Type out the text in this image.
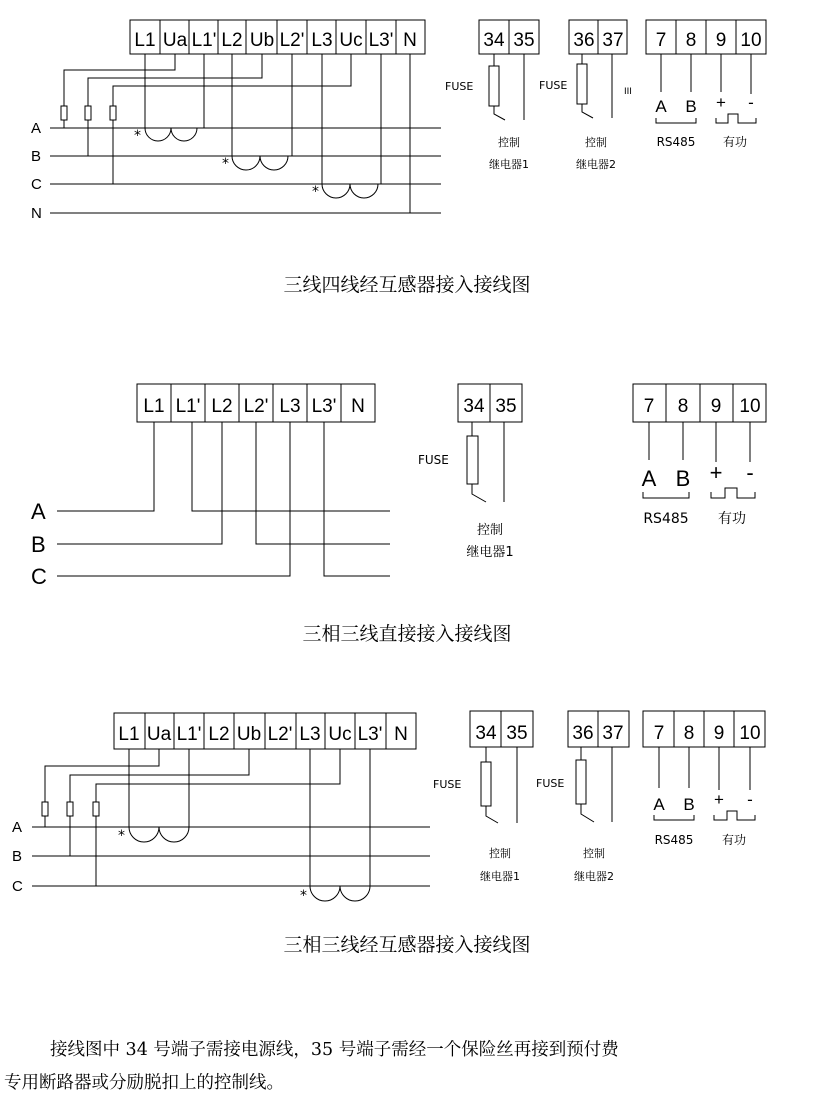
L1 Ua L1' L2 Ub L2' L3 Uc L3' N
A
B
C
N
*
*
*
34 35
FUSE
控制
继电器1
36 37
FUSE
控制
继电器2
ΙΙΙ
7 8 9 10
A B + -
RS485 有功
L1 L1' L2 L2' L3 L3' N
A
B
C
34 35
FUSE
控制
继电器1
7 8 9 10
A B + -
RS485 有功
L1 Ua L1' L2 Ub L2' L3 Uc L3' N
A
B
C
*
*
34 35
FUSE
控制
继电器1
36 37
FUSE
控制
继电器2
7 8 9 10
A B + -
RS485 有功
三线四线经互感器接入接线图
三相三线直接接入接线图
三相三线经互感器接入接线图

接线图中 34 号端子需接电源线，35 号端子需经一个保险丝再接到预付费

专用断路器或分励脱扣上的控制线。
